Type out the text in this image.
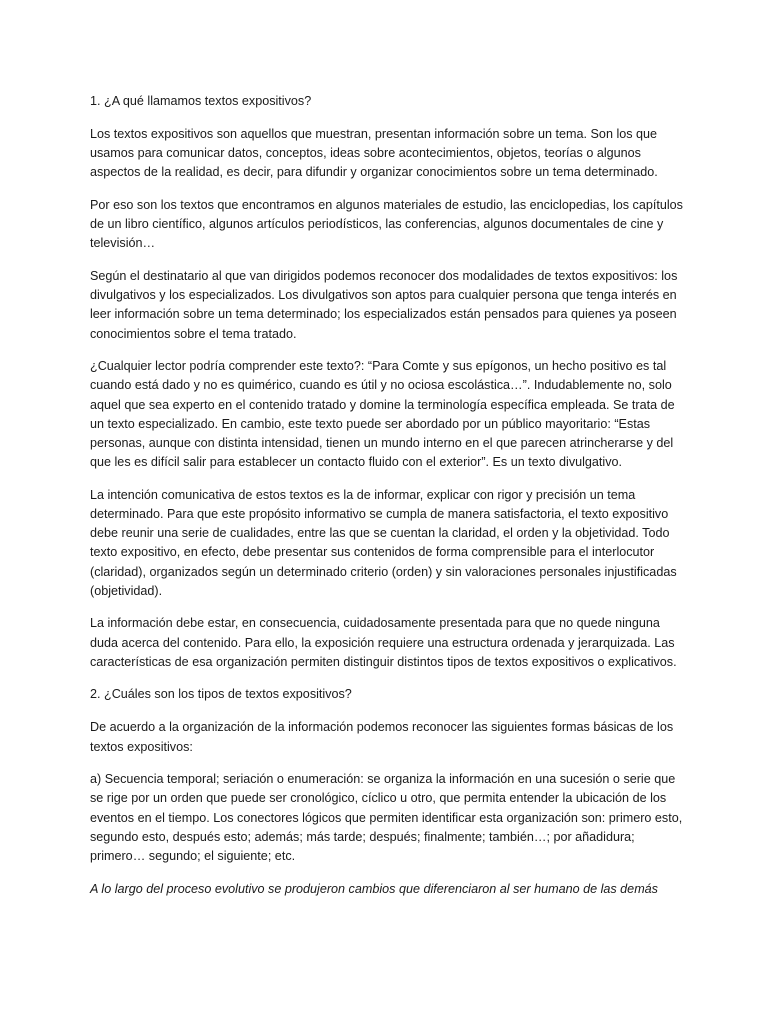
1. ¿A qué llamamos textos expositivos?

Los textos expositivos son aquellos que muestran, presentan información sobre un tema. Son los que usamos para comunicar datos, conceptos, ideas sobre acontecimientos, objetos, teorías o algunos aspectos de la realidad, es decir, para difundir y organizar conocimientos sobre un tema determinado.

Por eso son los textos que encontramos en algunos materiales de estudio, las enciclopedias, los capítulos de un libro científico, algunos artículos periodísticos, las conferencias, algunos documentales de cine y televisión…

Según el destinatario al que van dirigidos podemos reconocer dos modalidades de textos expositivos: los divulgativos y los especializados. Los divulgativos son aptos para cualquier persona que tenga interés en leer información sobre un tema determinado; los especializados están pensados para quienes ya poseen conocimientos sobre el tema tratado.

¿Cualquier lector podría comprender este texto?: “Para Comte y sus epígonos, un hecho positivo es tal cuando está dado y no es quimérico, cuando es útil y no ociosa escolástica…”. Indudablemente no, solo aquel que sea experto en el contenido tratado y domine la terminología específica empleada. Se trata de un texto especializado. En cambio, este texto puede ser abordado por un público mayoritario: “Estas personas, aunque con distinta intensidad, tienen un mundo interno en el que parecen atrincherarse y del que les es difícil salir para establecer un contacto fluido con el exterior”. Es un texto divulgativo.

La intención comunicativa de estos textos es la de informar, explicar con rigor y precisión un tema determinado. Para que este propósito informativo se cumpla de manera satisfactoria, el texto expositivo debe reunir una serie de cualidades, entre las que se cuentan la claridad, el orden y la objetividad. Todo texto expositivo, en efecto, debe presentar sus contenidos de forma comprensible para el interlocutor (claridad), organizados según un determinado criterio (orden) y sin valoraciones personales injustificadas (objetividad).

La información debe estar, en consecuencia, cuidadosamente presentada para que no quede ninguna duda acerca del contenido. Para ello, la exposición requiere una estructura ordenada y jerarquizada. Las características de esa organización permiten distinguir distintos tipos de textos expositivos o explicativos.

2. ¿Cuáles son los tipos de textos expositivos?

De acuerdo a la organización de la información podemos reconocer las siguientes formas básicas de los textos expositivos:

a) Secuencia temporal; seriación o enumeración: se organiza la información en una sucesión o serie que se rige por un orden que puede ser cronológico, cíclico u otro, que permita entender la ubicación de los eventos en el tiempo. Los conectores lógicos que permiten identificar esta organización son: primero esto, segundo esto, después esto; además; más tarde; después; finalmente; también…; por añadidura; primero… segundo; el siguiente; etc.

A lo largo del proceso evolutivo se produjeron cambios que diferenciaron al ser humano de las demás
